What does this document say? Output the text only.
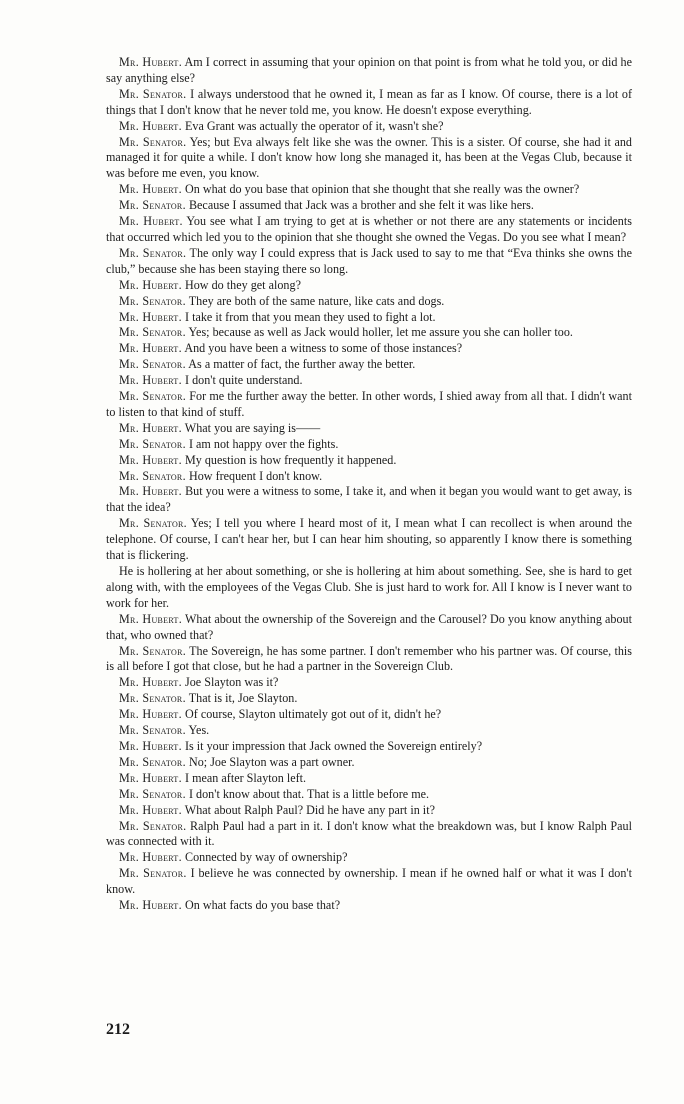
Mr. Hubert. Am I correct in assuming that your opinion on that point is from what he told you, or did he say anything else?

Mr. Senator. I always understood that he owned it, I mean as far as I know. Of course, there is a lot of things that I don't know that he never told me, you know. He doesn't expose everything.

Mr. Hubert. Eva Grant was actually the operator of it, wasn't she?

Mr. Senator. Yes; but Eva always felt like she was the owner. This is a sister. Of course, she had it and managed it for quite a while. I don't know how long she managed it, has been at the Vegas Club, because it was before me even, you know.

Mr. Hubert. On what do you base that opinion that she thought that she really was the owner?

Mr. Senator. Because I assumed that Jack was a brother and she felt it was like hers.

Mr. Hubert. You see what I am trying to get at is whether or not there are any statements or incidents that occurred which led you to the opinion that she thought she owned the Vegas. Do you see what I mean?

Mr. Senator. The only way I could express that is Jack used to say to me that “Eva thinks she owns the club,” because she has been staying there so long.

Mr. Hubert. How do they get along?

Mr. Senator. They are both of the same nature, like cats and dogs.

Mr. Hubert. I take it from that you mean they used to fight a lot.

Mr. Senator. Yes; because as well as Jack would holler, let me assure you she can holler too.

Mr. Hubert. And you have been a witness to some of those instances?

Mr. Senator. As a matter of fact, the further away the better.

Mr. Hubert. I don't quite understand.

Mr. Senator. For me the further away the better. In other words, I shied away from all that. I didn't want to listen to that kind of stuff.

Mr. Hubert. What you are saying is——

Mr. Senator. I am not happy over the fights.

Mr. Hubert. My question is how frequently it happened.

Mr. Senator. How frequent I don't know.

Mr. Hubert. But you were a witness to some, I take it, and when it began you would want to get away, is that the idea?

Mr. Senator. Yes; I tell you where I heard most of it, I mean what I can recollect is when around the telephone. Of course, I can't hear her, but I can hear him shouting, so apparently I know there is something that is flickering.

He is hollering at her about something, or she is hollering at him about something. See, she is hard to get along with, with the employees of the Vegas Club. She is just hard to work for. All I know is I never want to work for her.

Mr. Hubert. What about the ownership of the Sovereign and the Carousel? Do you know anything about that, who owned that?

Mr. Senator. The Sovereign, he has some partner. I don't remember who his partner was. Of course, this is all before I got that close, but he had a partner in the Sovereign Club.

Mr. Hubert. Joe Slayton was it?

Mr. Senator. That is it, Joe Slayton.

Mr. Hubert. Of course, Slayton ultimately got out of it, didn't he?

Mr. Senator. Yes.

Mr. Hubert. Is it your impression that Jack owned the Sovereign entirely?

Mr. Senator. No; Joe Slayton was a part owner.

Mr. Hubert. I mean after Slayton left.

Mr. Senator. I don't know about that. That is a little before me.

Mr. Hubert. What about Ralph Paul? Did he have any part in it?

Mr. Senator. Ralph Paul had a part in it. I don't know what the breakdown was, but I know Ralph Paul was connected with it.

Mr. Hubert. Connected by way of ownership?

Mr. Senator. I believe he was connected by ownership. I mean if he owned half or what it was I don't know.

Mr. Hubert. On what facts do you base that?

212
